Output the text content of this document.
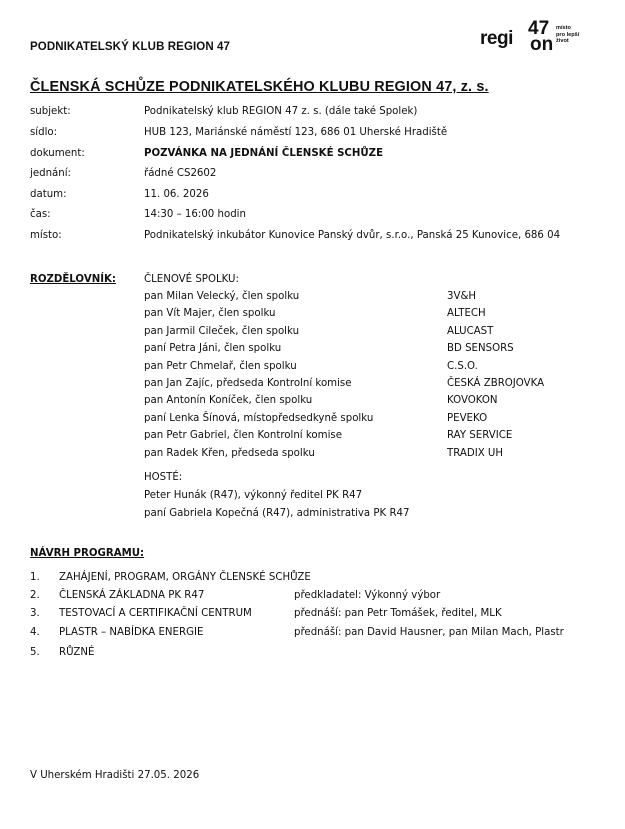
PODNIKATELSKÝ KLUB REGION 47	regi 47
on
místo
pro lepší
život
ČLENSKÁ SCHŮZE PODNIKATELSKÉHO KLUBU REGION 47, z. s.
subjekt:	Podnikatelský klub REGION 47 z. s. (dále také Spolek)
sídlo:	HUB 123, Mariánské náměstí 123, 686 01 Uherské Hradiště
dokument:	POZVÁNKA NA JEDNÁNÍ ČLENSKÉ SCHŮZE
jednání:	řádné CS2602
datum:	11. 06. 2026
čas:	14:30 – 16:00 hodin
místo:	Podnikatelský inkubátor Kunovice Panský dvůr, s.r.o., Panská 25 Kunovice, 686 04
ROZDĚLOVNÍK:	ČLENOVÉ SPOLKU:
pan Milan Velecký, člen spolku	3V&H
pan Vít Majer, člen spolku	ALTECH
pan Jarmil Cileček, člen spolku	ALUCAST
paní Petra Jáni, člen spolku	BD SENSORS
pan Petr Chmelař, člen spolku	C.S.O.
pan Jan Zajíc, předseda Kontrolní komise	ČESKÁ ZBROJOVKA
pan Antonín Koníček, člen spolku	KOVOKON
paní Lenka Šínová, místopředsedkyně spolku	PEVEKO
pan Petr Gabriel, člen Kontrolní komise	RAY SERVICE
pan Radek Křen, předseda spolku	TRADIX UH
HOSTÉ:
Peter Hunák (R47), výkonný ředitel PK R47
paní Gabriela Kopečná (R47), administrativa PK R47
NÁVRH PROGRAMU:
1. ZAHÁJENÍ, PROGRAM, ORGÁNY ČLENSKÉ SCHŮZE
2. ČLENSKÁ ZÁKLADNA PK R47	předkladatel: Výkonný výbor
3. TESTOVACÍ A CERTIFIKAČNÍ CENTRUM	přednáší: pan Petr Tomášek, ředitel, MLK
4. PLASTR – NABÍDKA ENERGIE	přednáší: pan David Hausner, pan Milan Mach, Plastr
5. RŮZNÉ
V Uherském Hradišti 27.05. 2026
